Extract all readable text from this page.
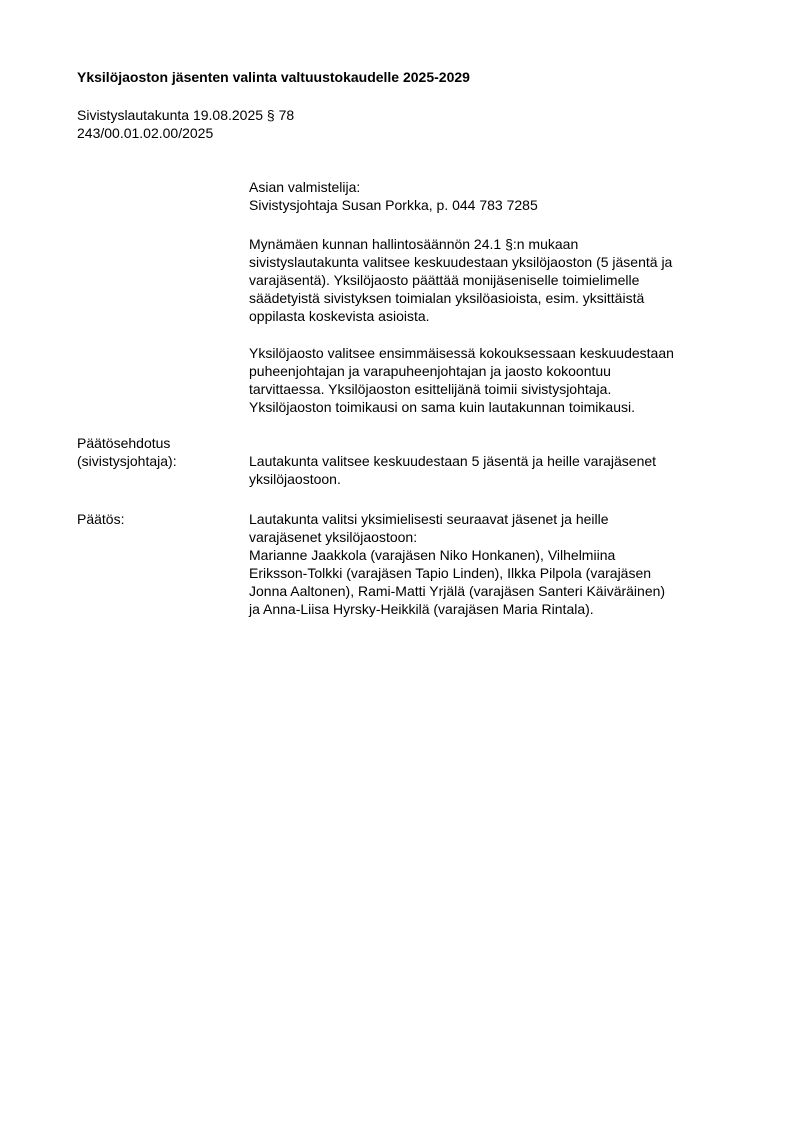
Yksilöjaoston jäsenten valinta valtuustokaudelle 2025-2029
Sivistyslautakunta 19.08.2025 § 78
243/00.01.02.00/2025

Asian valmistelija:

Sivistysjohtaja Susan Porkka, p. 044 783 7285

Mynämäen kunnan hallintosäännön 24.1 §:n mukaan

sivistyslautakunta valitsee keskuudestaan yksilöjaoston (5 jäsentä ja

varajäsentä). Yksilöjaosto päättää monijäseniselle toimielimelle

säädetyistä sivistyksen toimialan yksilöasioista, esim. yksittäistä

oppilasta koskevista asioista.

Yksilöjaosto valitsee ensimmäisessä kokouksessaan keskuudestaan

puheenjohtajan ja varapuheenjohtajan ja jaosto kokoontuu

tarvittaessa. Yksilöjaoston esittelijänä toimii sivistysjohtaja.

Yksilöjaoston toimikausi on sama kuin lautakunnan toimikausi.

Päätösehdotus
(sivistysjohtaja):	Lautakunta valitsee keskuudestaan 5 jäsentä ja heille varajäsenet

yksilöjaostoon.

Päätös:	Lautakunta valitsi yksimielisesti seuraavat jäsenet ja heille

varajäsenet yksilöjaostoon:

Marianne Jaakkola (varajäsen Niko Honkanen), Vilhelmiina

Eriksson-Tolkki (varajäsen Tapio Linden), Ilkka Pilpola (varajäsen

Jonna Aaltonen), Rami-Matti Yrjälä (varajäsen Santeri Käiväräinen)

ja Anna-Liisa Hyrsky-Heikkilä (varajäsen Maria Rintala).
